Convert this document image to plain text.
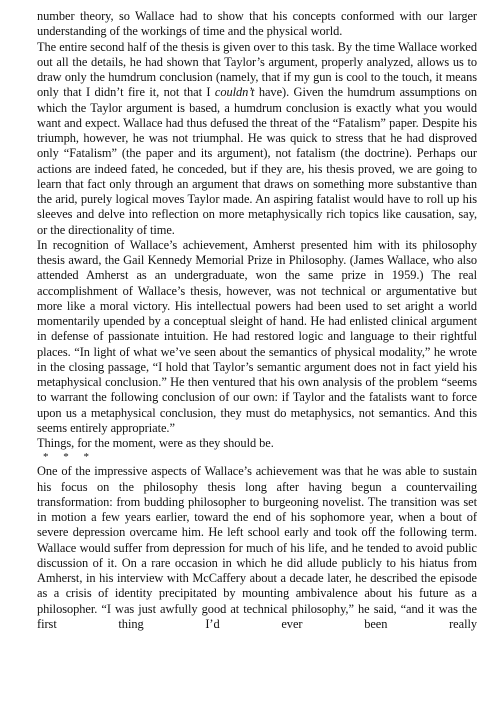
number theory, so Wallace had to show that his concepts conformed with our larger understanding of the workings of time and the physical world.

The entire second half of the thesis is given over to this task. By the time Wallace worked out all the details, he had shown that Taylor’s argument, properly analyzed, allows us to draw only the humdrum conclusion (namely, that if my gun is cool to the touch, it means only that I didn’t fire it, not that I couldn’t have). Given the humdrum assumptions on which the Taylor argument is based, a humdrum conclusion is exactly what you would want and expect. Wallace had thus defused the threat of the “Fatalism” paper. Despite his triumph, however, he was not triumphal. He was quick to stress that he had disproved only “Fatalism” (the paper and its argument), not fatalism (the doctrine). Perhaps our actions are indeed fated, he conceded, but if they are, his thesis proved, we are going to learn that fact only through an argument that draws on something more substantive than the arid, purely logical moves Taylor made. An aspiring fatalist would have to roll up his sleeves and delve into reflection on more metaphysically rich topics like causation, say, or the directionality of time.

In recognition of Wallace’s achievement, Amherst presented him with its philosophy thesis award, the Gail Kennedy Memorial Prize in Philosophy. (James Wallace, who also attended Amherst as an undergraduate, won the same prize in 1959.) The real accomplishment of Wallace’s thesis, however, was not technical or argumentative but more like a moral victory. His intellectual powers had been used to set aright a world momentarily upended by a conceptual sleight of hand. He had enlisted clinical argument in defense of passionate intuition. He had restored logic and language to their rightful places. “In light of what we’ve seen about the semantics of physical modality,” he wrote in the closing passage, “I hold that Taylor’s semantic argument does not in fact yield his metaphysical conclusion.” He then ventured that his own analysis of the problem “seems to warrant the following conclusion of our own: if Taylor and the fatalists want to force upon us a metaphysical conclusion, they must do metaphysics, not semantics. And this seems entirely appropriate.”

Things, for the moment, were as they should be.

* * *

One of the impressive aspects of Wallace’s achievement was that he was able to sustain his focus on the philosophy thesis long after having begun a countervailing transformation: from budding philosopher to burgeoning novelist. The transition was set in motion a few years earlier, toward the end of his sophomore year, when a bout of severe depression overcame him. He left school early and took off the following term. Wallace would suffer from depression for much of his life, and he tended to avoid public discussion of it. On a rare occasion in which he did allude publicly to his hiatus from Amherst, in his interview with McCaffery about a decade later, he described the episode as a crisis of identity precipitated by mounting ambivalence about his future as a philosopher. “I was just awfully good at technical philosophy,” he said, “and it was the first thing I’d ever been really
